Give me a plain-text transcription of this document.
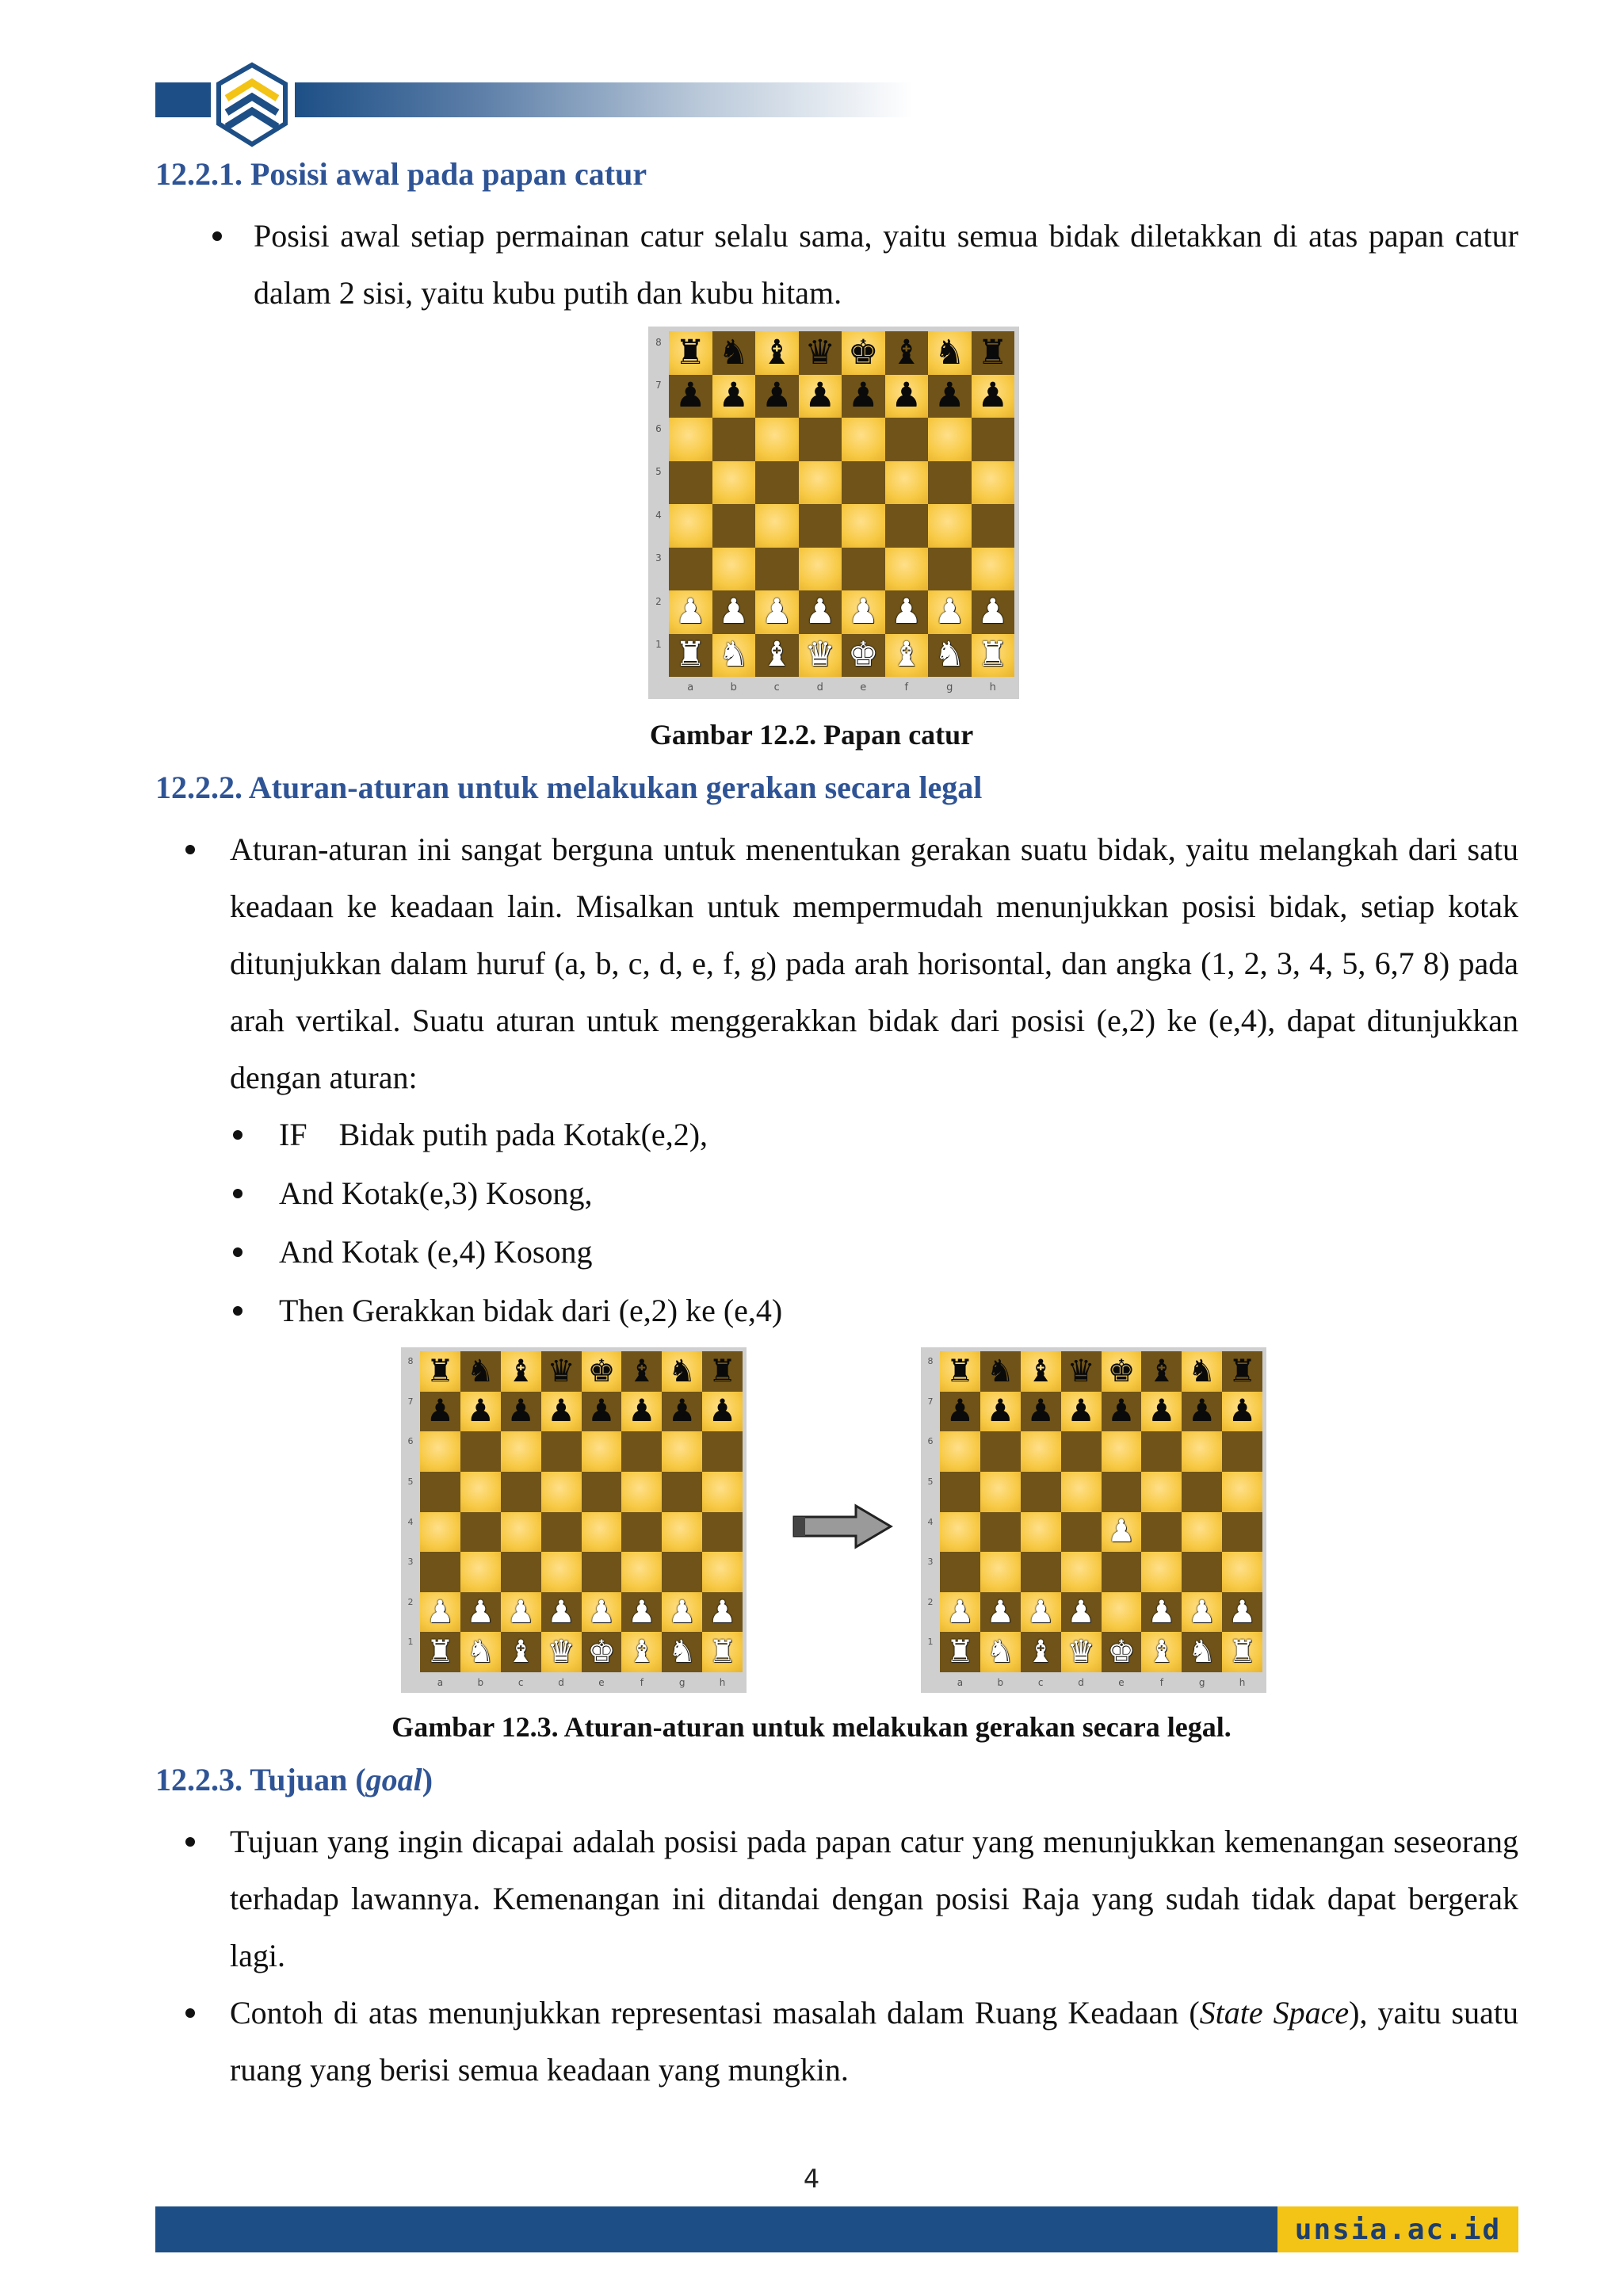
12.2.1. Posisi awal pada papan catur
Posisi awal setiap permainan catur selalu sama, yaitu semua bidak diletakkan di atas papan catur dalam 2 sisi, yaitu kubu putih dan kubu hitam.
♜ ♞ ♝ ♛ ♚ ♝ ♞ ♜
♟ ♟ ♟ ♟ ♟ ♟ ♟ ♟
♟ ♟ ♟ ♟ ♟ ♟ ♟ ♟
♜ ♞ ♝ ♛ ♚ ♝ ♞ ♜
8
7
6
5
4
3
2
1
a	b	c	d	e	f	g	h
Gambar 12.2. Papan catur
12.2.2. Aturan-aturan untuk melakukan gerakan secara legal
Aturan-aturan ini sangat berguna untuk menentukan gerakan suatu bidak, yaitu melangkah dari satu keadaan ke keadaan lain. Misalkan untuk mempermudah menunjukkan posisi bidak, setiap kotak ditunjukkan dalam huruf (a, b, c, d, e, f, g) pada arah horisontal, dan angka (1, 2, 3, 4, 5, 6,7 8) pada arah vertikal. Suatu aturan untuk menggerakkan bidak dari posisi (e,2) ke (e,4), dapat ditunjukkan dengan aturan:
IF Bidak putih pada Kotak(e,2),
And Kotak(e,3) Kosong,
And Kotak (e,4) Kosong
Then Gerakkan bidak dari (e,2) ke (e,4)
♜ ♞ ♝ ♛ ♚ ♝ ♞ ♜
♟ ♟ ♟ ♟ ♟ ♟ ♟ ♟
♟ ♟ ♟ ♟ ♟ ♟ ♟ ♟
♜ ♞ ♝ ♛ ♚ ♝ ♞ ♜
8
7
6
5
4
3
2
1
a	b	c	d	e	f	g	h
♜ ♞ ♝ ♛ ♚ ♝ ♞ ♜
♟ ♟ ♟ ♟ ♟ ♟ ♟ ♟
♟
♟ ♟ ♟ ♟ ♟ ♟ ♟
♜ ♞ ♝ ♛ ♚ ♝ ♞ ♜
8
7
6
5
4
3
2
1
a	b	c	d	e	f	g	h
Gambar 12.3. Aturan-aturan untuk melakukan gerakan secara legal.
12.2.3. Tujuan (goal)
Tujuan yang ingin dicapai adalah posisi pada papan catur yang menunjukkan kemenangan seseorang terhadap lawannya. Kemenangan ini ditandai dengan posisi Raja yang sudah tidak dapat bergerak lagi.
Contoh di atas menunjukkan representasi masalah dalam Ruang Keadaan (State Space), yaitu suatu ruang yang berisi semua keadaan yang mungkin.
4
unsia.ac.id
